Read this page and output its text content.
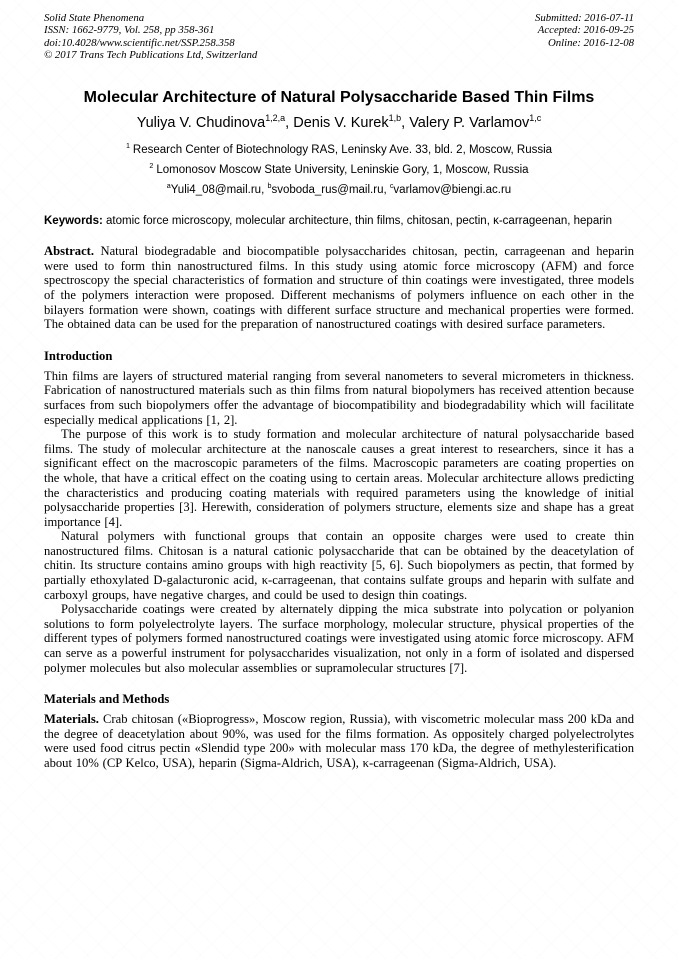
Solid State Phenomena
ISSN: 1662-9779, Vol. 258, pp 358-361
doi:10.4028/www.scientific.net/SSP.258.358
© 2017 Trans Tech Publications Ltd, Switzerland
Submitted: 2016-07-11
Accepted: 2016-09-25
Online: 2016-12-08
Molecular Architecture of Natural Polysaccharide Based Thin Films
Yuliya V. Chudinova$^{1,2,a}$, Denis V. Kurek$^{1,b}$, Valery P. Varlamov$^{1,c}$
$^1$ Research Center of Biotechnology RAS, Leninsky Ave. 33, bld. 2, Moscow, Russia
$^2$ Lomonosov Moscow State University, Leninskie Gory, 1, Moscow, Russia
$^a$Yuli4_08@mail.ru, $^b$svoboda_rus@mail.ru, $^c$varlamov@biengi.ac.ru

Keywords: atomic force microscopy, molecular architecture, thin films, chitosan, pectin, κ-carrageenan, heparin

Abstract. Natural biodegradable and biocompatible polysaccharides chitosan, pectin, carrageenan and heparin were used to form thin nanostructured films. In this study using atomic force microscopy (AFM) and force spectroscopy the special characteristics of formation and structure of thin coatings were investigated, three models of the polymers interaction were proposed. Different mechanisms of polymers influence on each other in the bilayers formation were shown, coatings with different surface structure and mechanical properties were formed. The obtained data can be used for the preparation of nanostructured coatings with desired surface parameters.

Introduction

Thin films are layers of structured material ranging from several nanometers to several micrometers in thickness. Fabrication of nanostructured materials such as thin films from natural biopolymers has received attention because surfaces from such biopolymers offer the advantage of biocompatibility and biodegradability which will facilitate especially medical applications [1, 2].

The purpose of this work is to study formation and molecular architecture of natural polysaccharide based films. The study of molecular architecture at the nanoscale causes a great interest to researchers, since it has a significant effect on the macroscopic parameters of the films. Macroscopic parameters are coating properties on the whole, that have a critical effect on the coating using to certain areas. Molecular architecture allows predicting the characteristics and producing coating materials with required parameters using the knowledge of initial polysaccharide properties [3]. Herewith, consideration of polymers structure, elements size and shape has a great importance [4].

Natural polymers with functional groups that contain an opposite charges were used to create thin nanostructured films. Chitosan is a natural cationic polysaccharide that can be obtained by the deacetylation of chitin. Its structure contains amino groups with high reactivity [5, 6]. Such biopolymers as pectin, that formed by partially ethoxylated D-galacturonic acid, κ-carrageenan, that contains sulfate groups and heparin with sulfate and carboxyl groups, have negative charges, and could be used to design thin coatings.

Polysaccharide coatings were created by alternately dipping the mica substrate into polycation or polyanion solutions to form polyelectrolyte layers. The surface morphology, molecular structure, physical properties of the different types of polymers formed nanostructured coatings were investigated using atomic force microscopy. AFM can serve as a powerful instrument for polysaccharides visualization, not only in a form of isolated and dispersed polymer molecules but also molecular assemblies or supramolecular structures [7].

Materials and Methods

Materials. Crab chitosan («Bioprogress», Moscow region, Russia), with viscometric molecular mass 200 kDa and the degree of deacetylation about 90%, was used for the films formation. As oppositely charged polyelectrolytes were used food citrus pectin «Slendid type 200» with molecular mass 170 kDa, the degree of methylesterification about 10% (CP Kelco, USA), heparin (Sigma-Aldrich, USA), κ-carrageenan (Sigma-Aldrich, USA).
